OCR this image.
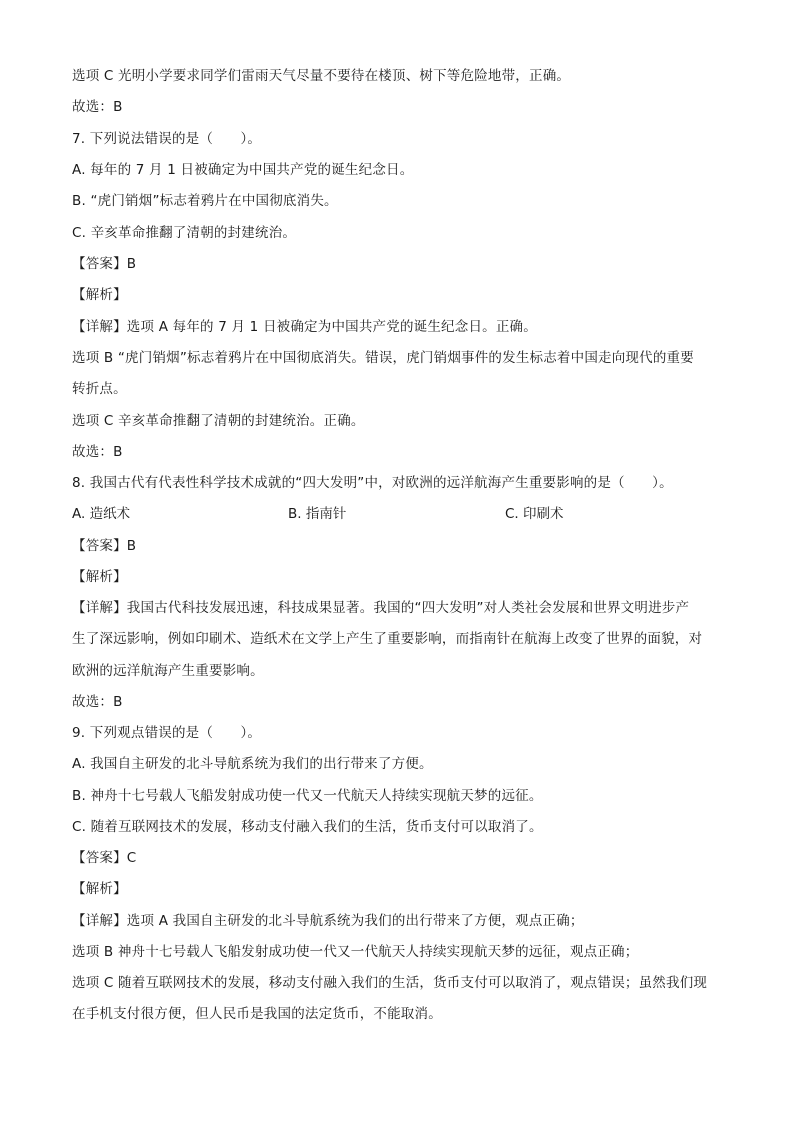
选项 C 光明小学要求同学们雷雨天气尽量不要待在楼顶、树下等危险地带，正确。
故选：B
7. 下列说法错误的是（　　）。
A. 每年的 7 月 1 日被确定为中国共产党的诞生纪念日。
B. “虎门销烟”标志着鸦片在中国彻底消失。
C. 辛亥革命推翻了清朝的封建统治。
【答案】B
【解析】
【详解】选项 A 每年的 7 月 1 日被确定为中国共产党的诞生纪念日。正确。
选项 B “虎门销烟”标志着鸦片在中国彻底消失。错误，虎门销烟事件的发生标志着中国走向现代的重要
转折点。
选项 C 辛亥革命推翻了清朝的封建统治。正确。
故选：B
8. 我国古代有代表性科学技术成就的“四大发明”中，对欧洲的远洋航海产生重要影响的是（　　）。
A. 造纸术	B. 指南针	C. 印刷术
【答案】B
【解析】
【详解】我国古代科技发展迅速，科技成果显著。我国的“四大发明”对人类社会发展和世界文明进步产
生了深远影响，例如印刷术、造纸术在文学上产生了重要影响，而指南针在航海上改变了世界的面貌，对
欧洲的远洋航海产生重要影响。
故选：B
9. 下列观点错误的是（　　）。
A. 我国自主研发的北斗导航系统为我们的出行带来了方便。
B. 神舟十七号载人飞船发射成功使一代又一代航天人持续实现航天梦的远征。
C. 随着互联网技术的发展，移动支付融入我们的生活，货币支付可以取消了。
【答案】C
【解析】
【详解】选项 A 我国自主研发的北斗导航系统为我们的出行带来了方便，观点正确；
选项 B 神舟十七号载人飞船发射成功使一代又一代航天人持续实现航天梦的远征，观点正确；
选项 C 随着互联网技术的发展，移动支付融入我们的生活，货币支付可以取消了，观点错误；虽然我们现
在手机支付很方便，但人民币是我国的法定货币，不能取消。
